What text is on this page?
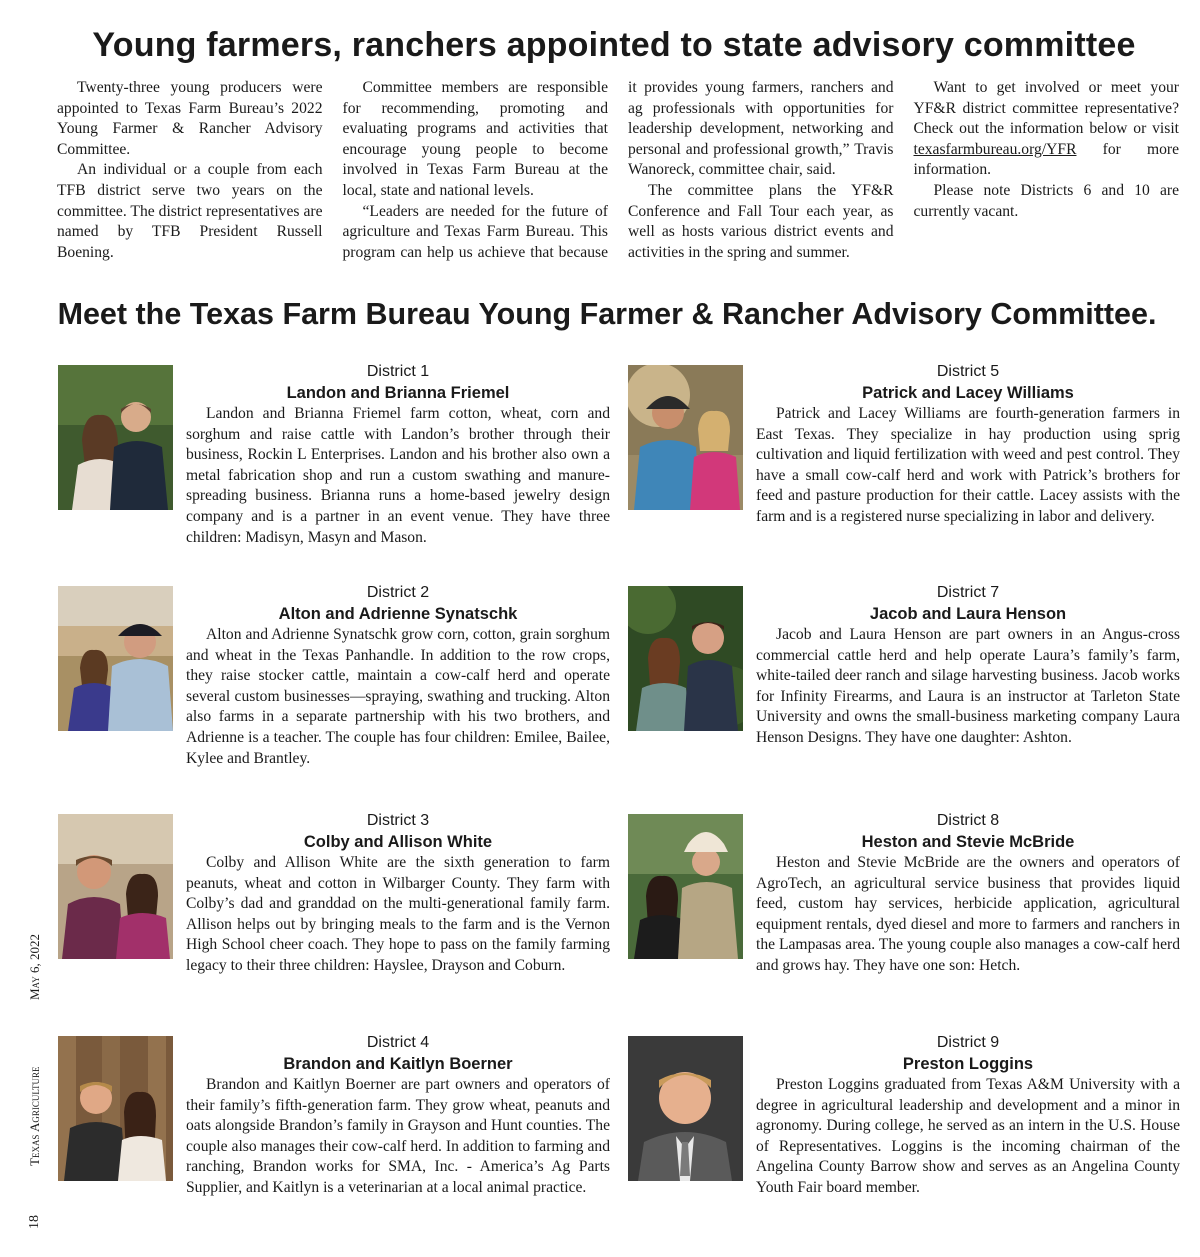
Young farmers, ranchers appointed to state advisory committee

Twenty-three young producers were appointed to Texas Farm Bureau’s 2022 Young Farmer & Rancher Advisory Committee.

An individual or a couple from each TFB district serve two years on the committee. The district representatives are named by TFB President Russell Boening.

Committee members are responsible for recommending, promoting and evaluating programs and activities that encourage young people to become involved in Texas Farm Bureau at the local, state and national levels.

“Leaders are needed for the future of agriculture and Texas Farm Bureau. This program can help us achieve that because it provides young farmers, ranchers and ag professionals with opportunities for leadership development, networking and personal and professional growth,” Travis Wanoreck, committee chair, said.

The committee plans the YF&R Conference and Fall Tour each year, as well as hosts various district events and activities in the spring and summer.

Want to get involved or meet your YF&R district committee representative? Check out the information below or visit texasfarmbureau.org/YFR for more information.

Please note Districts 6 and 10 are currently vacant.

Meet the Texas Farm Bureau Young Farmer & Rancher Advisory Committee.
District 1
Landon and Brianna Friemel

Landon and Brianna Friemel farm cotton, wheat, corn and sorghum and raise cattle with Landon’s brother through their business, Rockin L Enterprises. Landon and his brother also own a metal fabrication shop and run a custom swathing and manure-spreading business. Brianna runs a home-based jewelry design company and is a partner in an event venue. They have three children: Madisyn, Masyn and Mason.

District 2
Alton and Adrienne Synatschk

Alton and Adrienne Synatschk grow corn, cotton, grain sorghum and wheat in the Texas Panhandle. In addition to the row crops, they raise stocker cattle, maintain a cow-calf herd and operate several custom businesses—spraying, swathing and trucking. Alton also farms in a separate partnership with his two brothers, and Adrienne is a teacher. The couple has four children: Emilee, Bailee, Kylee and Brantley.

District 3
Colby and Allison White

Colby and Allison White are the sixth generation to farm peanuts, wheat and cotton in Wilbarger County. They farm with Colby’s dad and granddad on the multi-generational family farm. Allison helps out by bringing meals to the farm and is the Vernon High School cheer coach. They hope to pass on the family farming legacy to their three children: Hayslee, Drayson and Coburn.

District 4
Brandon and Kaitlyn Boerner

Brandon and Kaitlyn Boerner are part owners and operators of their family’s fifth-generation farm. They grow wheat, peanuts and oats alongside Brandon’s family in Grayson and Hunt counties. The couple also manages their cow-calf herd. In addition to farming and ranching, Brandon works for SMA, Inc. - America’s Ag Parts Supplier, and Kaitlyn is a veterinarian at a local animal practice.

District 5
Patrick and Lacey Williams

Patrick and Lacey Williams are fourth-generation farmers in East Texas. They specialize in hay production using sprig cultivation and liquid fertilization with weed and pest control. They have a small cow-calf herd and work with Patrick’s brothers for feed and pasture production for their cattle. Lacey assists with the farm and is a registered nurse specializing in labor and delivery.

District 7
Jacob and Laura Henson

Jacob and Laura Henson are part owners in an Angus-cross commercial cattle herd and help operate Laura’s family’s farm, white-tailed deer ranch and silage harvesting business. Jacob works for Infinity Firearms, and Laura is an instructor at Tarleton State University and owns the small-business marketing company Laura Henson Designs. They have one daughter: Ashton.

District 8
Heston and Stevie McBride

Heston and Stevie McBride are the owners and operators of AgroTech, an agricultural service business that provides liquid feed, custom hay services, herbicide application, agricultural equipment rentals, dyed diesel and more to farmers and ranchers in the Lampasas area. The young couple also manages a cow-calf herd and grows hay. They have one son: Hetch.

District 9
Preston Loggins

Preston Loggins graduated from Texas A&M University with a degree in agricultural leadership and development and a minor in agronomy. During college, he served as an intern in the U.S. House of Representatives. Loggins is the incoming chairman of the Angelina County Barrow show and serves as an Angelina County Youth Fair board member.

May 6, 2022
Texas Agriculture
18
